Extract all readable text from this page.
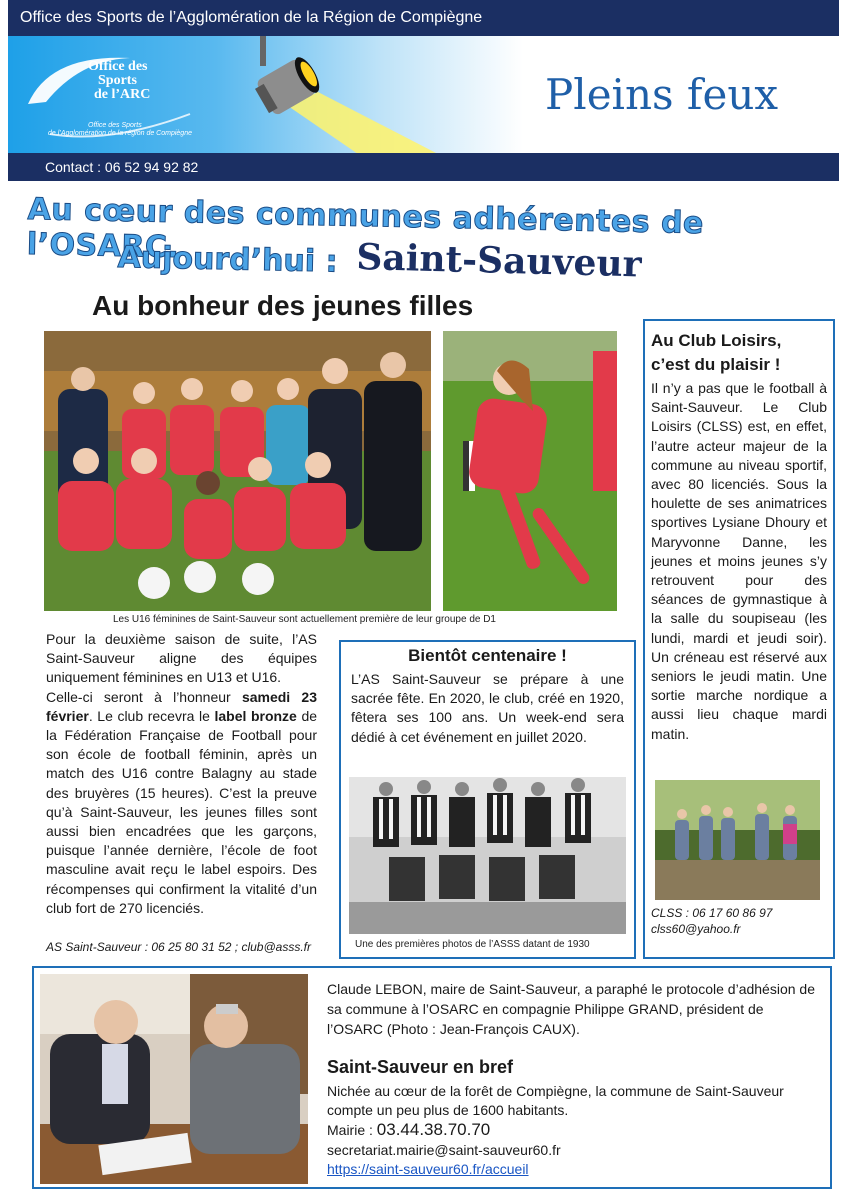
Office des Sports de l’Agglomération de la Région de Compiègne
Office des
Sports
de l’ARC
Office des Sports
de l’Agglomération de la région de Compiègne
Pleins feux
Contact : 06 52 94 92 82
Au cœur des communes adhérentes de l’OSARC.
Aujourd’hui : Saint-Sauveur
Au bonheur des jeunes filles
Les U16 féminines de Saint-Sauveur sont actuellement première de leur groupe de D1
Pour la deuxième saison de suite, l’AS Saint-Sauveur aligne des équipes uniquement féminines en U13 et U16.
Celle-ci seront à l’honneur samedi 23 février. Le club recevra le label bronze de la Fédération Française de Football pour son école de football féminin, après un match des U16 contre Balagny au stade des bruyères (15 heures). C’est la preuve qu’à Saint-Sauveur, les jeunes filles sont aussi bien encadrées que les garçons, puisque l’année dernière, l’école de foot masculine avait reçu le label espoirs. Des récompenses qui confirment la vitalité d’un club fort de 270 licenciés.
AS Saint-Sauveur : 06 25 80 31 52 ; club@asss.fr
Bientôt centenaire !
L’AS Saint-Sauveur se prépare à une sacrée fête. En 2020, le club, créé en 1920, fêtera ses 100 ans. Un week-end sera dédié à cet événement en juillet 2020.
Une des premières photos de l’ASSS datant de 1930
Au Club Loisirs,
c’est du plaisir !
Il n’y a pas que le football à Saint-Sauveur. Le Club Loisirs (CLSS) est, en effet, l’autre acteur majeur de la commune au niveau sportif, avec 80 licenciés. Sous la houlette de ses animatrices sportives Lysiane Dhoury et Maryvonne Danne, les jeunes et moins jeunes s’y retrouvent pour des séances de gymnastique à la salle du soupiseau (les lundi, mardi et jeudi soir). Un créneau est réservé aux seniors le jeudi matin. Une sortie marche nordique a aussi lieu chaque mardi matin.
CLSS : 06 17 60 86 97
clss60@yahoo.fr
Claude LEBON, maire de Saint-Sauveur, a paraphé le protocole d’adhésion de sa commune à l’OSARC en compagnie Philippe GRAND, président de l’OSARC (Photo : Jean-François CAUX).
Saint-Sauveur en bref
Nichée au cœur de la forêt de Compiègne, la commune de Saint-Sauveur compte un peu plus de 1600 habitants.
Mairie : 03.44.38.70.70
secretariat.mairie@saint-sauveur60.fr
https://saint-sauveur60.fr/accueil
